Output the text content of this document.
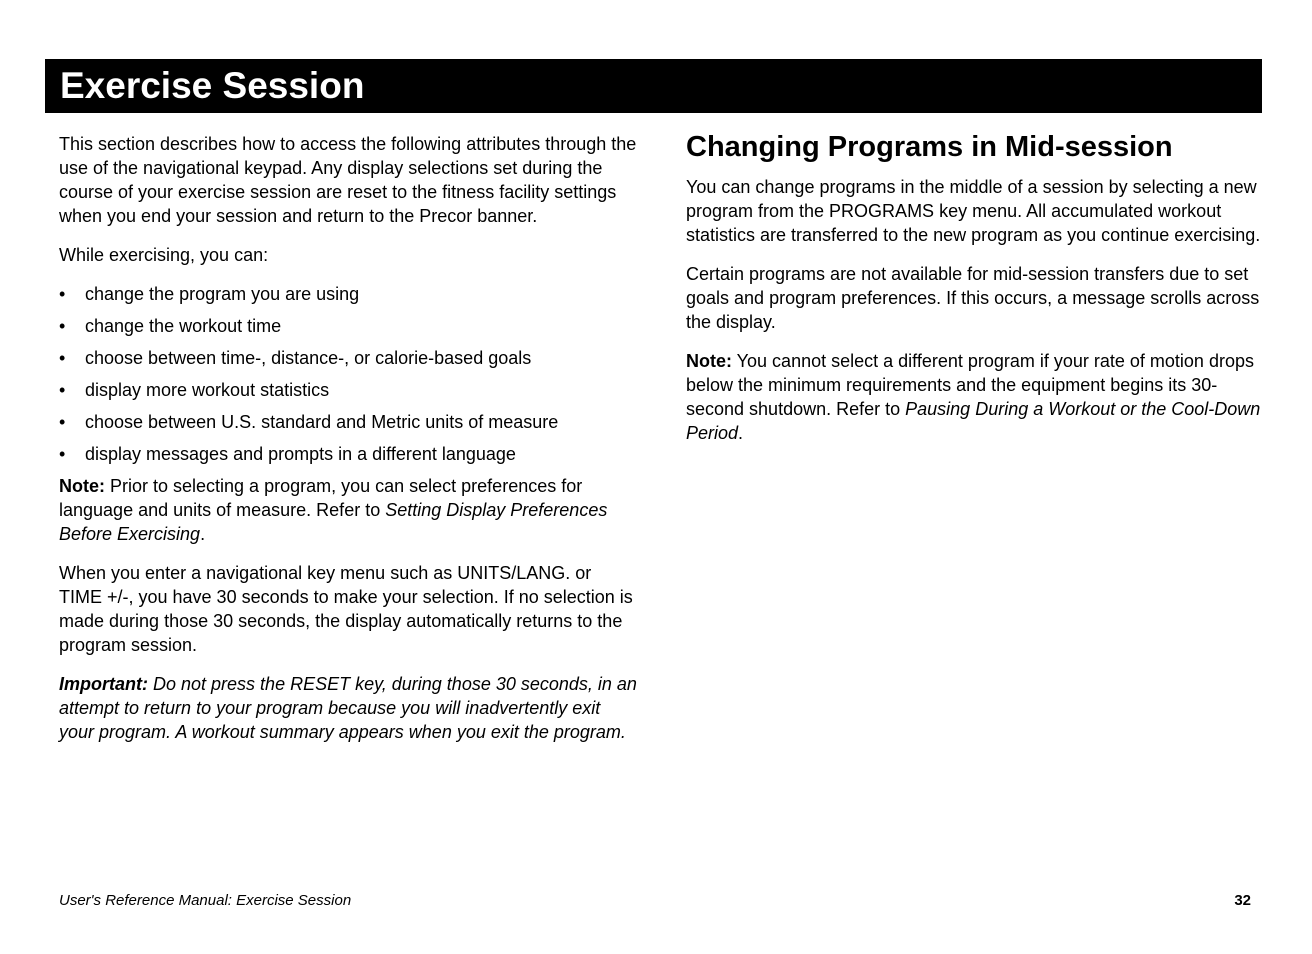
Exercise Session

This section describes how to access the following attributes through the use of the navigational keypad. Any display selections set during the course of your exercise session are reset to the fitness facility settings when you end your session and return to the Precor banner.

While exercising, you can:

• change the program you are using
• change the workout time
• choose between time-, distance-, or calorie-based goals
• display more workout statistics
• choose between U.S. standard and Metric units of measure
• display messages and prompts in a different language

Note: Prior to selecting a program, you can select preferences for language and units of measure. Refer to Setting Display Preferences Before Exercising.

When you enter a navigational key menu such as UNITS/LANG. or TIME +/-, you have 30 seconds to make your selection. If no selection is made during those 30 seconds, the display automatically returns to the program session.

Important: Do not press the RESET key, during those 30 seconds, in an attempt to return to your program because you will inadvertently exit your program. A workout summary appears when you exit the program.

Changing Programs in Mid-session

You can change programs in the middle of a session by selecting a new program from the PROGRAMS key menu. All accumulated workout statistics are transferred to the new program as you continue exercising.

Certain programs are not available for mid-session transfers due to set goals and program preferences. If this occurs, a message scrolls across the display.

Note: You cannot select a different program if your rate of motion drops below the minimum requirements and the equipment begins its 30-second shutdown. Refer to Pausing During a Workout or the Cool-Down Period.

User's Reference Manual: Exercise Session	32
